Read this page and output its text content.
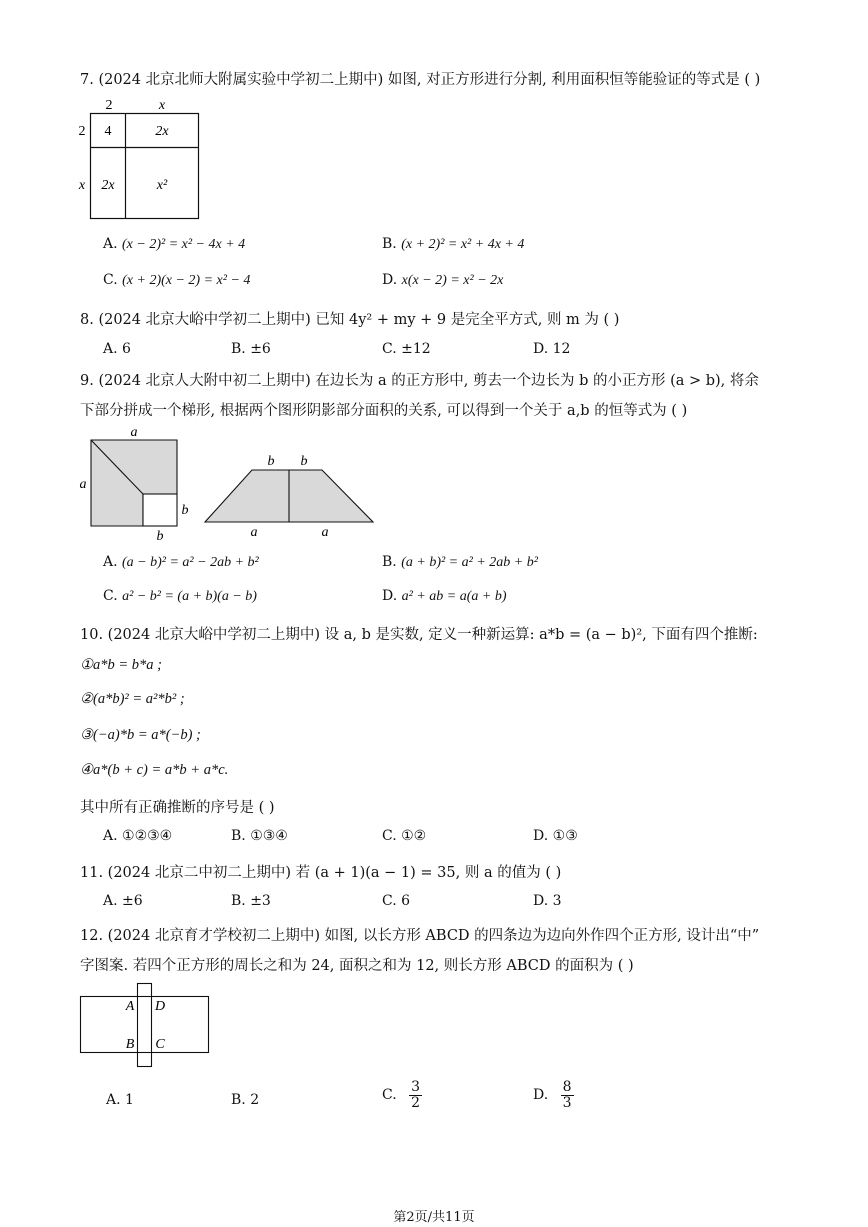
7. (2024 北京北师大附属实验中学初二上期中) 如图, 对正方形进行分割, 利用面积恒等能验证的等式是 ( )
2	x
2
x
4	2x
2x	x²
A. (x − 2)² = x² − 4x + 4	B. (x + 2)² = x² + 4x + 4
C. (x + 2)(x − 2) = x² − 4	D. x(x − 2) = x² − 2x
8. (2024 北京大峪中学初二上期中) 已知 4y² + my + 9 是完全平方式, 则 m 为 ( )
A. 6	B. ±6	C. ±12	D. 12
9. (2024 北京人大附中初二上期中) 在边长为 a 的正方形中, 剪去一个边长为 b 的小正方形 (a > b), 将余
下部分拼成一个梯形, 根据两个图形阴影部分面积的关系, 可以得到一个关于 a,b 的恒等式为 ( )
a
a
b
b
b b
a	a
A. (a − b)² = a² − 2ab + b²	B. (a + b)² = a² + 2ab + b²
C. a² − b² = (a + b)(a − b)	D. a² + ab = a(a + b)
10. (2024 北京大峪中学初二上期中) 设 a, b 是实数, 定义一种新运算: a*b = (a − b)², 下面有四个推断:
①a*b = b*a ;
②(a*b)² = a²*b² ;
③(−a)*b = a*(−b) ;
④a*(b + c) = a*b + a*c.
其中所有正确推断的序号是 ( )
A. ①②③④	B. ①③④	C. ①②	D. ①③
11. (2024 北京二中初二上期中) 若 (a + 1)(a − 1) = 35, 则 a 的值为 ( )
A. ±6	B. ±3	C. 6	D. 3
12. (2024 北京育才学校初二上期中) 如图, 以长方形 ABCD 的四条边为边向外作四个正方形, 设计出“中”
字图案. 若四个正方形的周长之和为 24, 面积之和为 12, 则长方形 ABCD 的面积为 ( )
A D
B C
A. 1	B. 2	C. $\frac{3}{2}$	D. $\frac{8}{3}$
第2页/共11页
